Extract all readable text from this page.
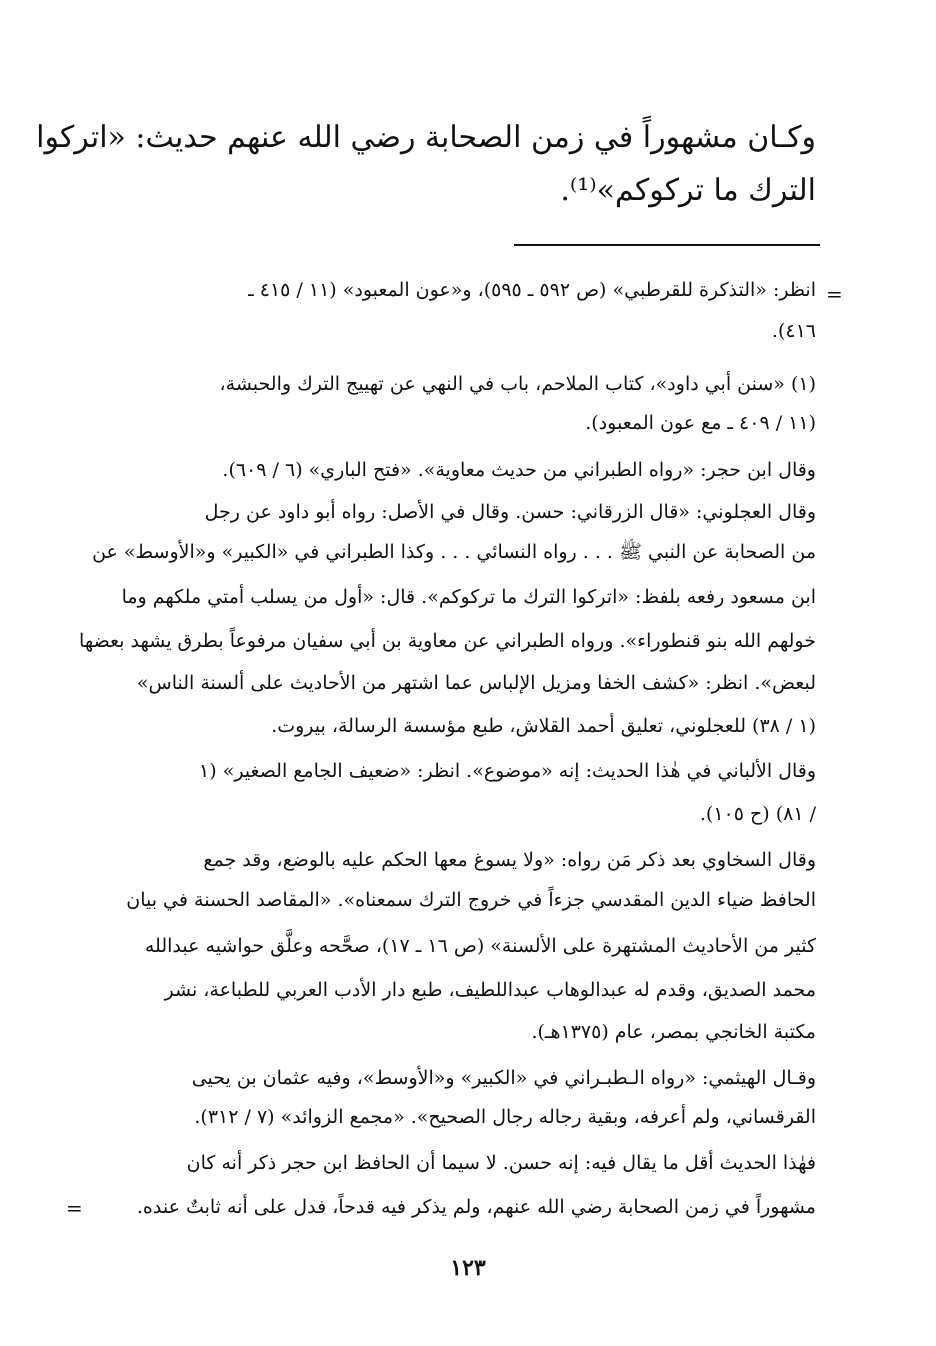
وكـان مشهوراً في زمن الصحابة رضي الله عنهم حديث: «اتركوا
الترك ما تركوكم»⁽¹⁾.
=
انظر: «التذكرة للقرطبي» (ص ٥٩٢ ـ ٥٩٥)، و«عون المعبود» (١١ / ٤١٥ ـ
٤١٦).
(١) «سنن أبي داود»، كتاب الملاحم، باب في النهي عن تهييج الترك والحبشة،
(١١ / ٤٠٩ ـ مع عون المعبود).
وقال ابن حجر: «رواه الطبراني من حديث معاوية». «فتح الباري» (٦ / ٦٠٩).
وقال العجلوني: «قال الزرقاني: حسن. وقال في الأصل: رواه أبو داود عن رجل
من الصحابة عن النبي ﷺ . . . رواه النسائي . . . وكذا الطبراني في «الكبير» و«الأوسط» عن
ابن مسعود رفعه بلفظ: «اتركوا الترك ما تركوكم». قال: «أول من يسلب أمتي ملكهم وما
خولهم الله بنو قنطوراء». ورواه الطبراني عن معاوية بن أبي سفيان مرفوعاً بطرق يشهد بعضها
لبعض». انظر: «كشف الخفا ومزيل الإلباس عما اشتهر من الأحاديث على ألسنة الناس»
(١ / ٣٨) للعجلوني، تعليق أحمد القلاش، طبع مؤسسة الرسالة، بيروت.
وقال الألباني في هٰذا الحديث: إنه «موضوع». انظر: «ضعيف الجامع الصغير» (١
/ ٨١) (ح ١٠٥).
وقال السخاوي بعد ذكر مَن رواه: «ولا يسوغ معها الحكم عليه بالوضع، وقد جمع
الحافظ ضياء الدين المقدسي جزءاً في خروج الترك سمعناه». «المقاصد الحسنة في بيان
كثير من الأحاديث المشتهرة على الألسنة» (ص ١٦ ـ ١٧)، صحَّحه وعلَّق حواشيه عبدالله
محمد الصديق، وقدم له عبدالوهاب عبداللطيف، طبع دار الأدب العربي للطباعة، نشر
مكتبة الخانجي بمصر، عام (١٣٧٥هـ).
وقـال الهيثمي: «رواه الـطبـراني في «الكبير» و«الأوسط»، وفيه عثمان بن يحيى
القرقساني، ولم أعرفه، وبقية رجاله رجال الصحيح». «مجمع الزوائد» (٧ / ٣١٢).
فهٰذا الحديث أقل ما يقال فيه: إنه حسن. لا سيما أن الحافظ ابن حجر ذكر أنه كان
مشهوراً في زمن الصحابة رضي الله عنهم، ولم يذكر فيه قدحاً، فدل على أنه ثابتٌ عنده.
=
١٢٣
